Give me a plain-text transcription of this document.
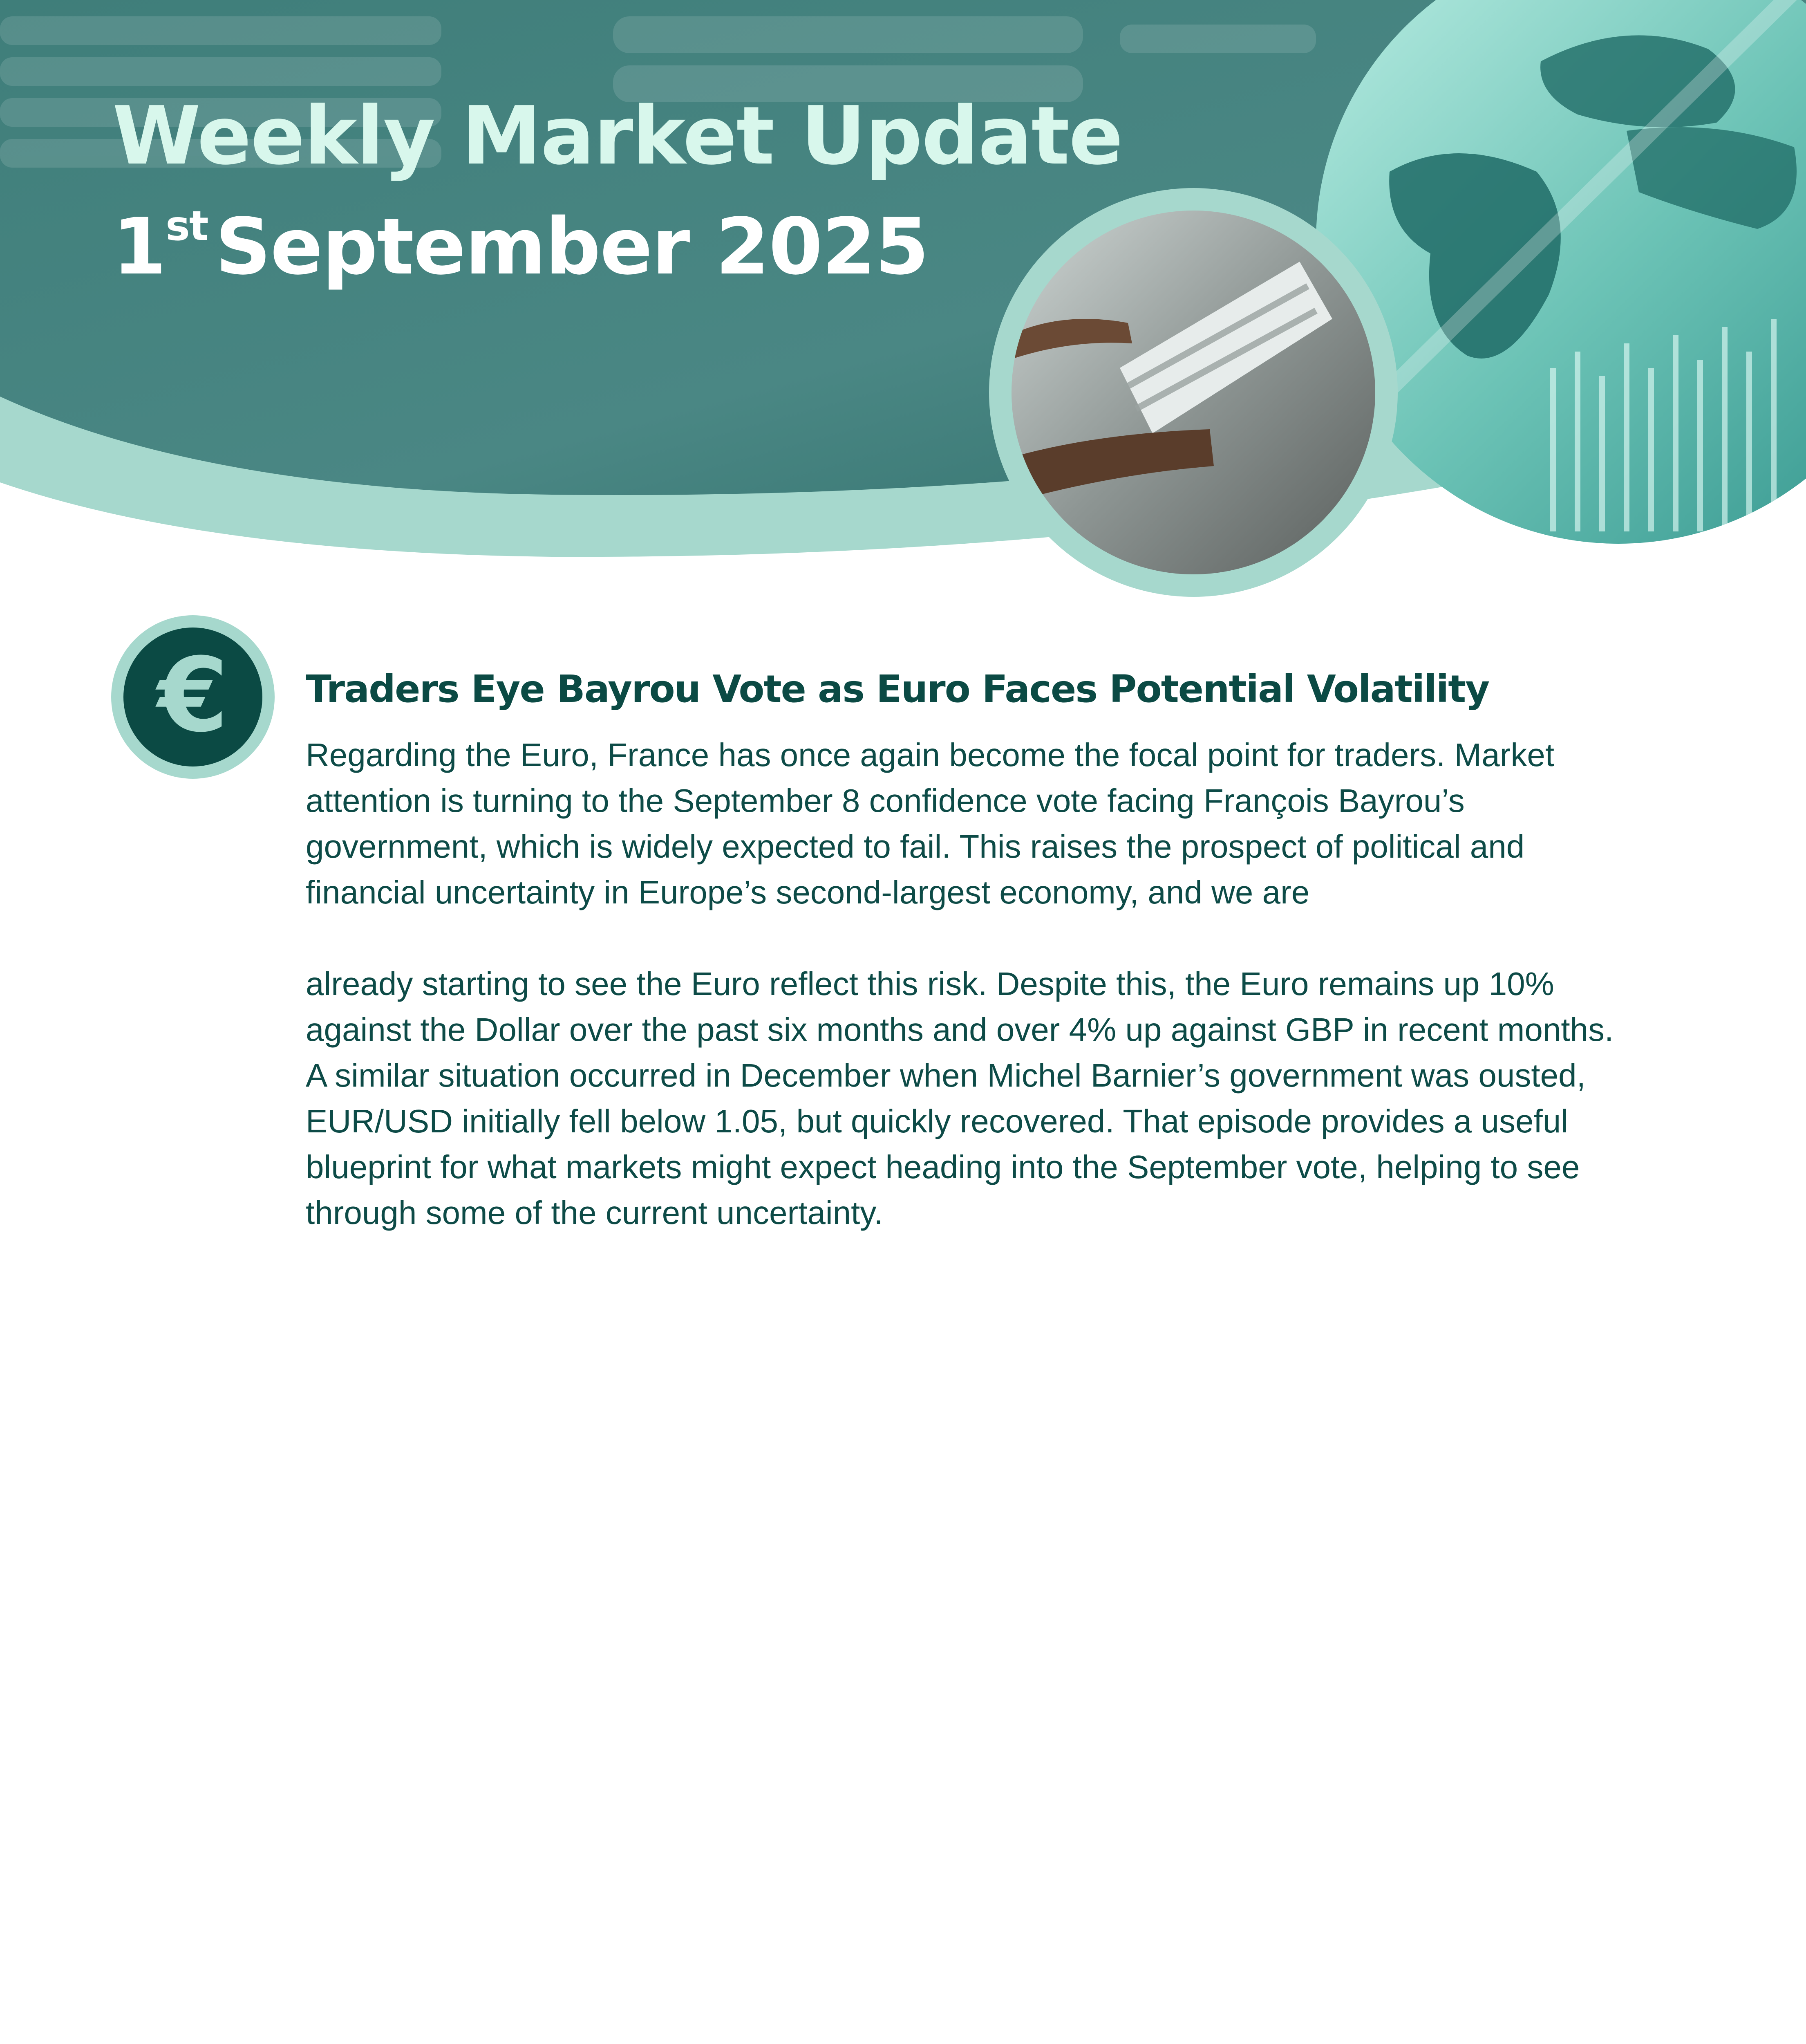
Weekly Market Update
1stSeptember 2025
€ Traders Eye Bayrou Vote as Euro Faces Potential Volatility

Regarding the Euro, France has once again become the focal point for traders. Market attention is turning to the September 8 confidence vote facing François Bayrou’s government, which is widely expected to fail. This raises the prospect of political and financial uncertainty in Europe’s second-largest economy, and we are

already starting to see the Euro reflect this risk. Despite this, the Euro remains up 10% against the Dollar over the past six months and over 4% up against GBP in recent months. A similar situation occurred in December when Michel Barnier’s government was ousted, EUR/USD initially fell below 1.05, but quickly recovered. That episode provides a useful blueprint for what markets might expect heading into the September vote, helping to see through some of the current uncertainty.
